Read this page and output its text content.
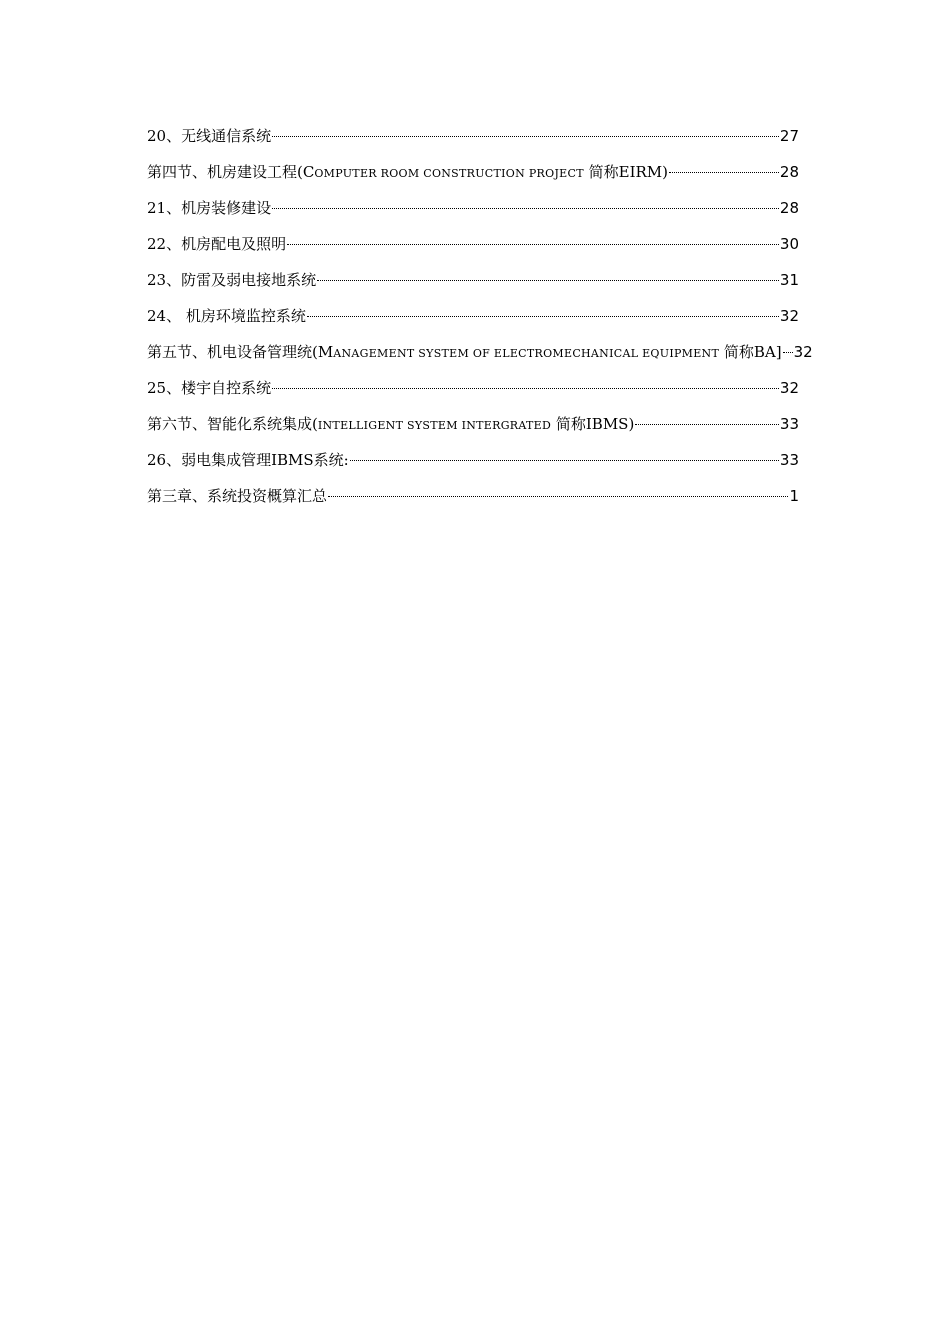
20、无线通信系统	27
第四节、机房建设工程(COMPUTER ROOM CONSTRUCTION PROJECT 简称EIRM)	28
21、机房装修建设	28
22、机房配电及照明	30
23、防雷及弱电接地系统	31
24、 机房环境监控系统	32
第五节、机电设备管理统(MANAGEMENT SYSTEM OF ELECTROMECHANICAL EQUIPMENT 简称BA] 32
25、楼宇自控系统	32
第六节、智能化系统集成(INTELLIGENT SYSTEM INTERGRATED 简称IBMS)	33
26、弱电集成管理IBMS系统:	33
第三章、系统投资概算汇总	1
